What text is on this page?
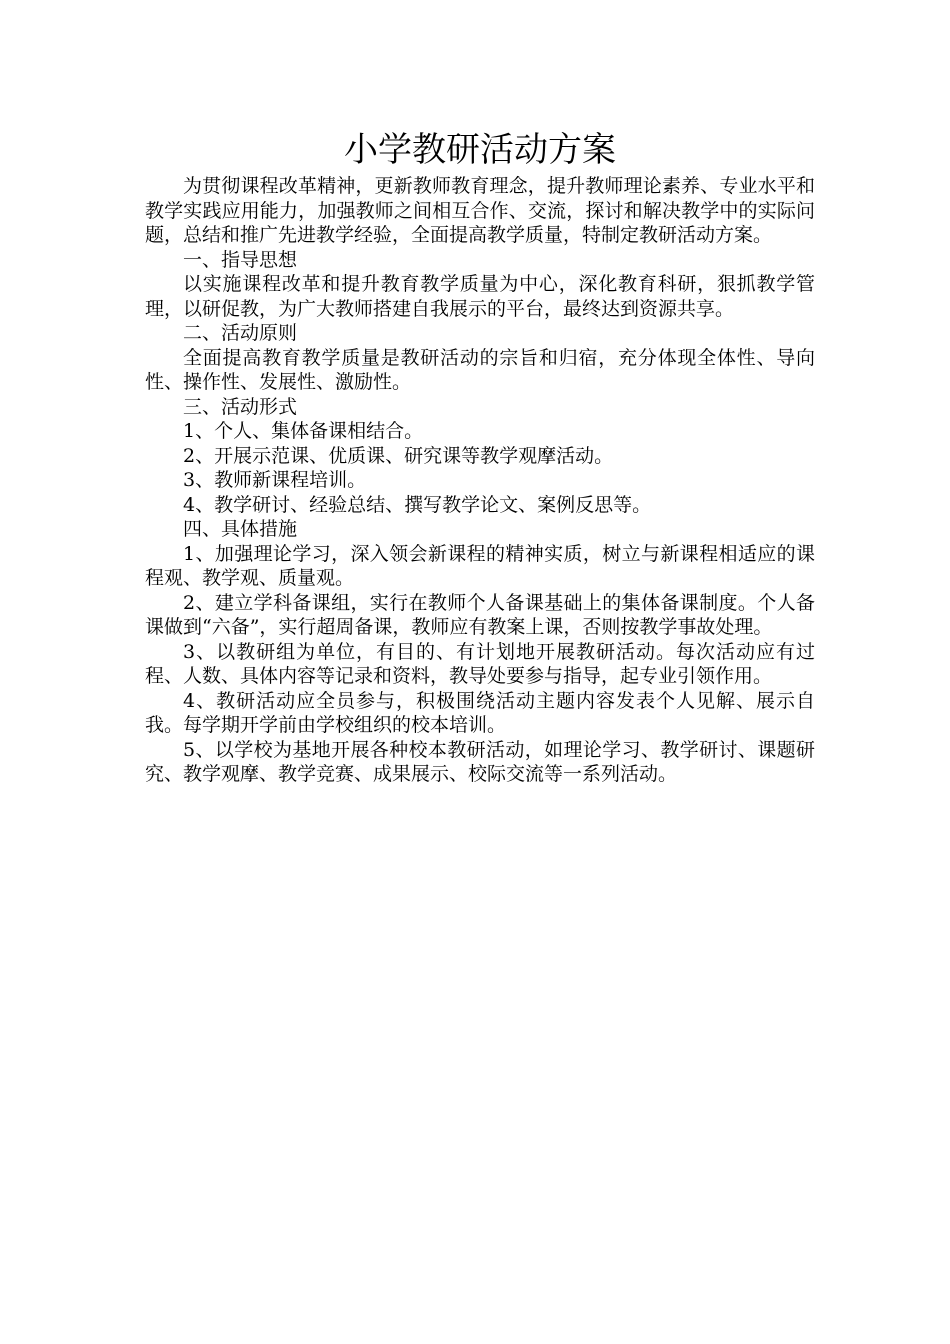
小学教研活动方案

为贯彻课程改革精神，更新教师教育理念，提升教师理论素养、专业水平和教学实践应用能力，加强教师之间相互合作、交流，探讨和解决教学中的实际问题，总结和推广先进教学经验，全面提高教学质量，特制定教研活动方案。

一、指导思想

以实施课程改革和提升教育教学质量为中心，深化教育科研，狠抓教学管理，以研促教，为广大教师搭建自我展示的平台，最终达到资源共享。

二、活动原则

全面提高教育教学质量是教研活动的宗旨和归宿，充分体现全体性、导向性、操作性、发展性、激励性。

三、活动形式

1、个人、集体备课相结合。

2、开展示范课、优质课、研究课等教学观摩活动。

3、教师新课程培训。

4、教学研讨、经验总结、撰写教学论文、案例反思等。

四、具体措施

1、加强理论学习，深入领会新课程的精神实质，树立与新课程相适应的课程观、教学观、质量观。

2、建立学科备课组，实行在教师个人备课基础上的集体备课制度。个人备课做到“六备”，实行超周备课，教师应有教案上课，否则按教学事故处理。

3、以教研组为单位，有目的、有计划地开展教研活动。每次活动应有过程、人数、具体内容等记录和资料，教导处要参与指导，起专业引领作用。

4、教研活动应全员参与，积极围绕活动主题内容发表个人见解、展示自我。每学期开学前由学校组织的校本培训。

5、以学校为基地开展各种校本教研活动，如理论学习、教学研讨、课题研究、教学观摩、教学竞赛、成果展示、校际交流等一系列活动。
